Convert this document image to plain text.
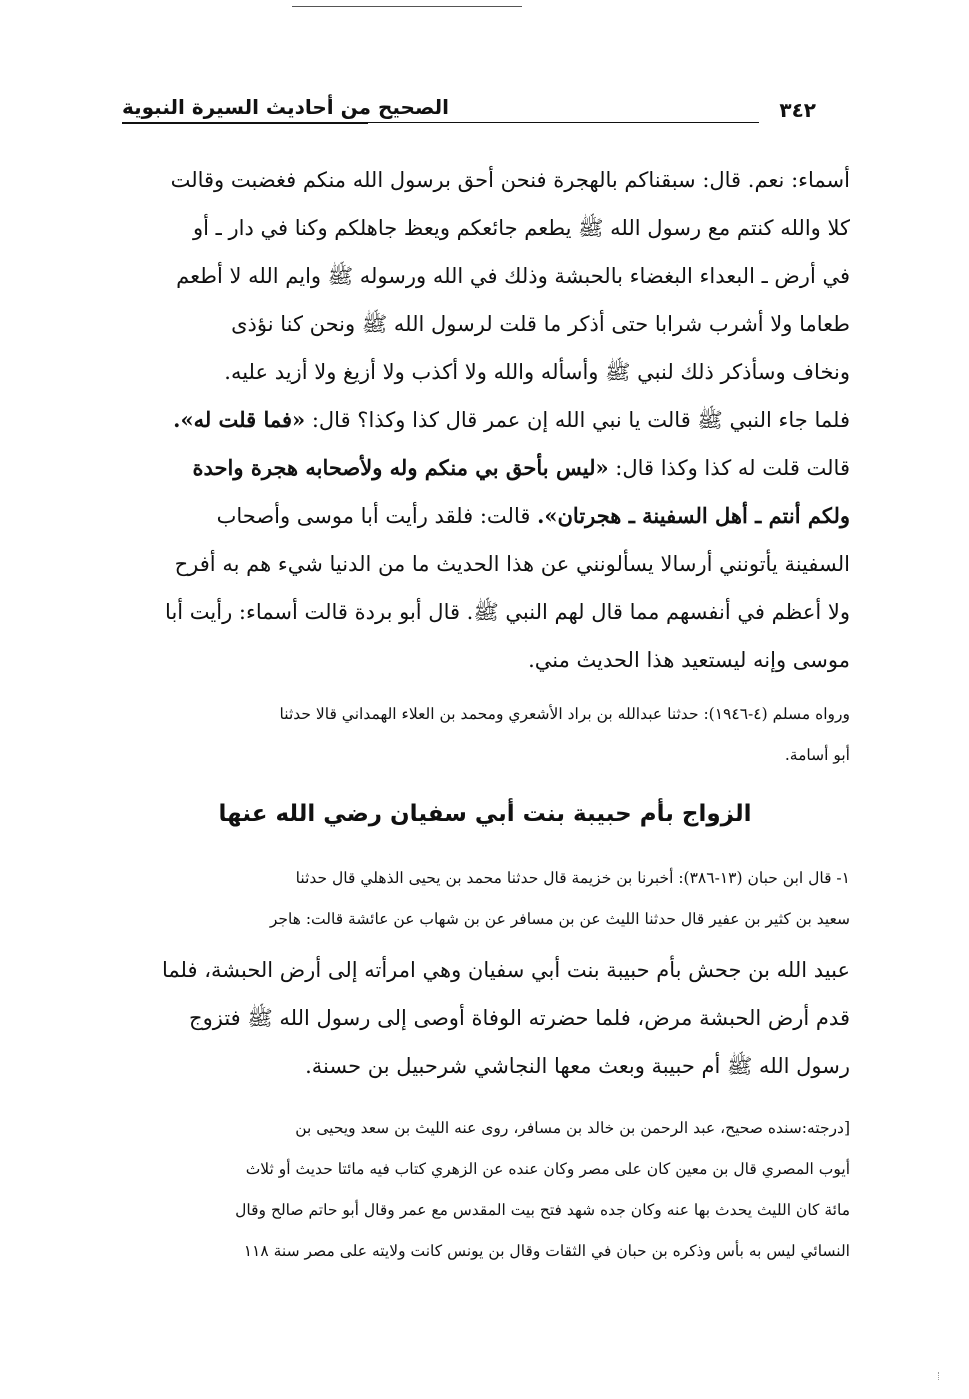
٣٤٢
الصحيح من أحاديث السيرة النبوية
أسماء: نعم. قال: سبقناكم بالهجرة فنحن أحق برسول الله منكم فغضبت وقالت
كلا والله كنتم مع رسول الله ﷺ يطعم جائعكم ويعظ جاهلكم وكنا في دار ـ أو
في أرض ـ البعداء البغضاء بالحبشة وذلك في الله ورسوله ﷺ وايم الله لا أطعم
طعاما ولا أشرب شرابا حتى أذكر ما قلت لرسول الله ﷺ ونحن كنا نؤذى
ونخاف وسأذكر ذلك لنبي ﷺ وأسأله والله ولا أكذب ولا أزيغ ولا أزيد عليه.
فلما جاء النبي ﷺ قالت يا نبي الله إن عمر قال كذا وكذا؟ قال: «فما قلت له».
قالت قلت له كذا وكذا قال: «ليس بأحق بي منكم وله ولأصحابه هجرة واحدة
ولكم أنتم ـ أهل السفينة ـ هجرتان». قالت: فلقد رأيت أبا موسى وأصحاب
السفينة يأتونني أرسالا يسألونني عن هذا الحديث ما من الدنيا شيء هم به أفرح
ولا أعظم في أنفسهم مما قال لهم النبي ﷺ. قال أبو بردة قالت أسماء: رأيت أبا
موسى وإنه ليستعيد هذا الحديث مني.
ورواه مسلم (٤-١٩٤٦): حدثنا عبدالله بن براد الأشعري ومحمد بن العلاء الهمداني قالا حدثنا
أبو أسامة.
الزواج بأم حبيبة بنت أبي سفيان رضي الله عنها
١- قال ابن حبان (١٣-٣٨٦): أخبرنا بن خزيمة قال حدثنا محمد بن يحيى الذهلي قال حدثنا
سعيد بن كثير بن عفير قال حدثنا الليث عن بن مسافر عن بن شهاب عن عائشة قالت: هاجر
عبيد الله بن جحش بأم حبيبة بنت أبي سفيان وهي امرأته إلى أرض الحبشة، فلما
قدم أرض الحبشة مرض، فلما حضرته الوفاة أوصى إلى رسول الله ﷺ فتزوج
رسول الله ﷺ أم حبيبة وبعث معها النجاشي شرحبيل بن حسنة.
[درجته:سنده صحيح، عبد الرحمن بن خالد بن مسافر، روى عنه الليث بن سعد ويحيى بن
أيوب المصري قال بن معين كان على مصر وكان عنده عن الزهري كتاب فيه مائتا حديث أو ثلاث
مائة كان الليث يحدث بها عنه وكان جده شهد فتح بيت المقدس مع عمر وقال أبو حاتم صالح وقال
النسائي ليس به بأس وذكره بن حبان في الثقات وقال بن يونس كانت ولايته على مصر سنة ١١٨
